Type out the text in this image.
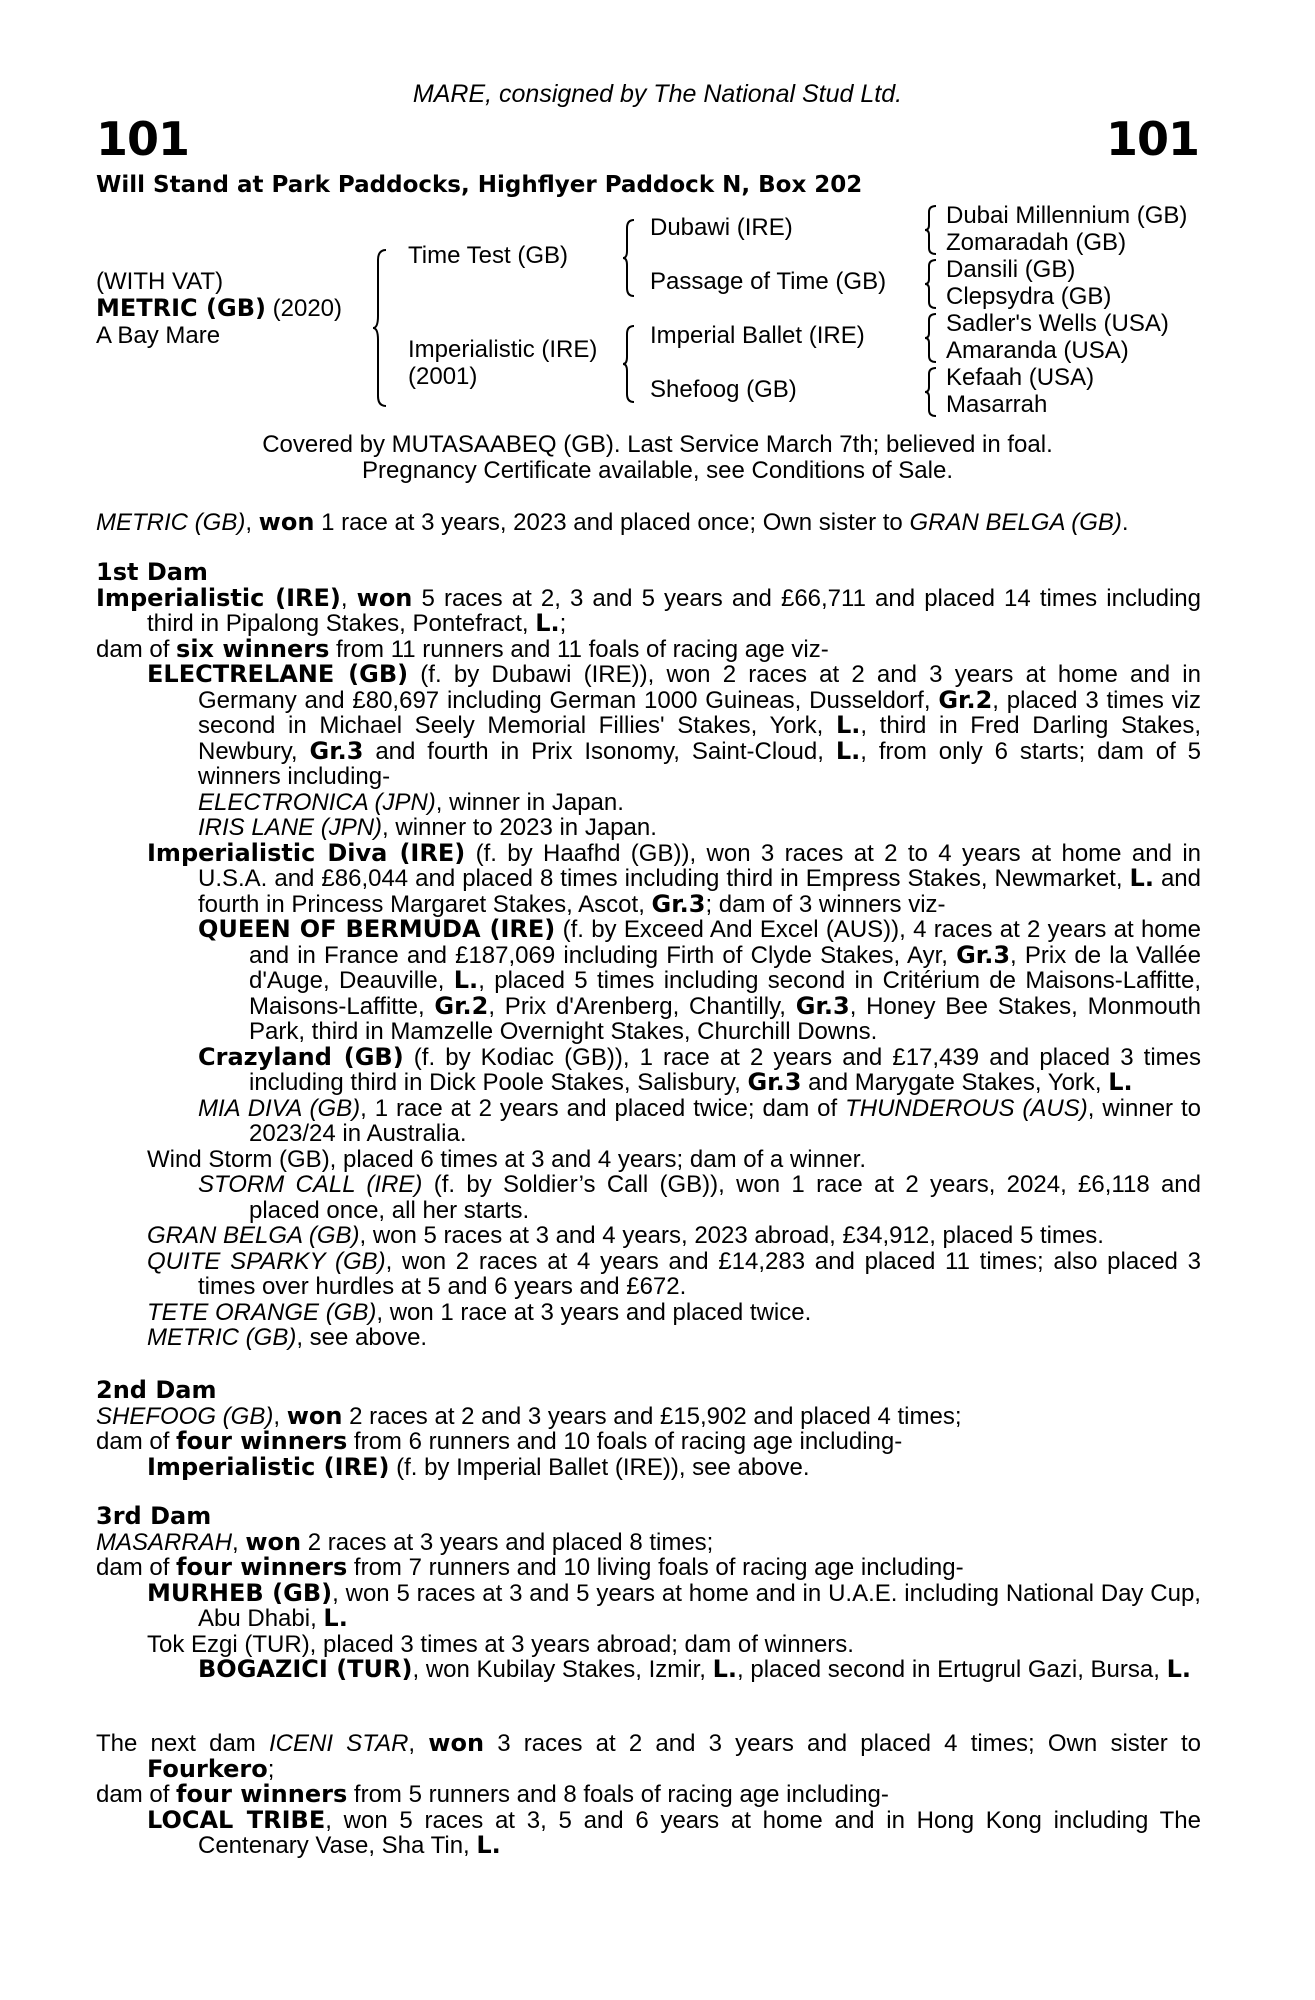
MARE, consigned by The National Stud Ltd.
101	101
Will Stand at Park Paddocks, Highflyer Paddock N, Box 202
(WITH VAT)
METRIC (GB) (2020)
A Bay Mare
Time Test (GB)
Imperialistic (IRE)
(2001)
Dubawi (IRE)
Passage of Time (GB)
Imperial Ballet (IRE)
Shefoog (GB)
Dubai Millennium (GB)
Zomaradah (GB)
Dansili (GB)
Clepsydra (GB)
Sadler's Wells (USA)
Amaranda (USA)
Kefaah (USA)
Masarrah
Covered by MUTASAABEQ (GB). Last Service March 7th; believed in foal.
Pregnancy Certificate available, see Conditions of Sale.

METRIC (GB), won 1 race at 3 years, 2023 and placed once; Own sister to GRAN BELGA (GB).

1st Dam

Imperialistic (IRE), won 5 races at 2, 3 and 5 years and £66,711 and placed 14 times including third in Pipalong Stakes, Pontefract, L.;

dam of six winners from 11 runners and 11 foals of racing age viz-

ELECTRELANE (GB) (f. by Dubawi (IRE)), won 2 races at 2 and 3 years at home and in Germany and £80,697 including German 1000 Guineas, Dusseldorf, Gr.2, placed 3 times viz second in Michael Seely Memorial Fillies' Stakes, York, L., third in Fred Darling Stakes, Newbury, Gr.3 and fourth in Prix Isonomy, Saint-Cloud, L., from only 6 starts; dam of 5 winners including-

ELECTRONICA (JPN), winner in Japan.

IRIS LANE (JPN), winner to 2023 in Japan.

Imperialistic Diva (IRE) (f. by Haafhd (GB)), won 3 races at 2 to 4 years at home and in U.S.A. and £86,044 and placed 8 times including third in Empress Stakes, Newmarket, L. and fourth in Princess Margaret Stakes, Ascot, Gr.3; dam of 3 winners viz-

QUEEN OF BERMUDA (IRE) (f. by Exceed And Excel (AUS)), 4 races at 2 years at home and in France and £187,069 including Firth of Clyde Stakes, Ayr, Gr.3, Prix de la Vallée d'Auge, Deauville, L., placed 5 times including second in Critérium de Maisons-Laffitte, Maisons-Laffitte, Gr.2, Prix d'Arenberg, Chantilly, Gr.3, Honey Bee Stakes, Monmouth Park, third in Mamzelle Overnight Stakes, Churchill Downs.

Crazyland (GB) (f. by Kodiac (GB)), 1 race at 2 years and £17,439 and placed 3 times including third in Dick Poole Stakes, Salisbury, Gr.3 and Marygate Stakes, York, L.

MIA DIVA (GB), 1 race at 2 years and placed twice; dam of THUNDEROUS (AUS), winner to 2023/24 in Australia.

Wind Storm (GB), placed 6 times at 3 and 4 years; dam of a winner.

STORM CALL (IRE) (f. by Soldier’s Call (GB)), won 1 race at 2 years, 2024, £6,118 and placed once, all her starts.

GRAN BELGA (GB), won 5 races at 3 and 4 years, 2023 abroad, £34,912, placed 5 times.

QUITE SPARKY (GB), won 2 races at 4 years and £14,283 and placed 11 times; also placed 3 times over hurdles at 5 and 6 years and £672.

TETE ORANGE (GB), won 1 race at 3 years and placed twice.

METRIC (GB), see above.

2nd Dam

SHEFOOG (GB), won 2 races at 2 and 3 years and £15,902 and placed 4 times;

dam of four winners from 6 runners and 10 foals of racing age including-

Imperialistic (IRE) (f. by Imperial Ballet (IRE)), see above.

3rd Dam

MASARRAH, won 2 races at 3 years and placed 8 times;

dam of four winners from 7 runners and 10 living foals of racing age including-

MURHEB (GB), won 5 races at 3 and 5 years at home and in U.A.E. including National Day Cup, Abu Dhabi, L.

Tok Ezgi (TUR), placed 3 times at 3 years abroad; dam of winners.

BOGAZICI (TUR), won Kubilay Stakes, Izmir, L., placed second in Ertugrul Gazi, Bursa, L.

The next dam ICENI STAR, won 3 races at 2 and 3 years and placed 4 times; Own sister to Fourkero;

dam of four winners from 5 runners and 8 foals of racing age including-

LOCAL TRIBE, won 5 races at 3, 5 and 6 years at home and in Hong Kong including The Centenary Vase, Sha Tin, L.
